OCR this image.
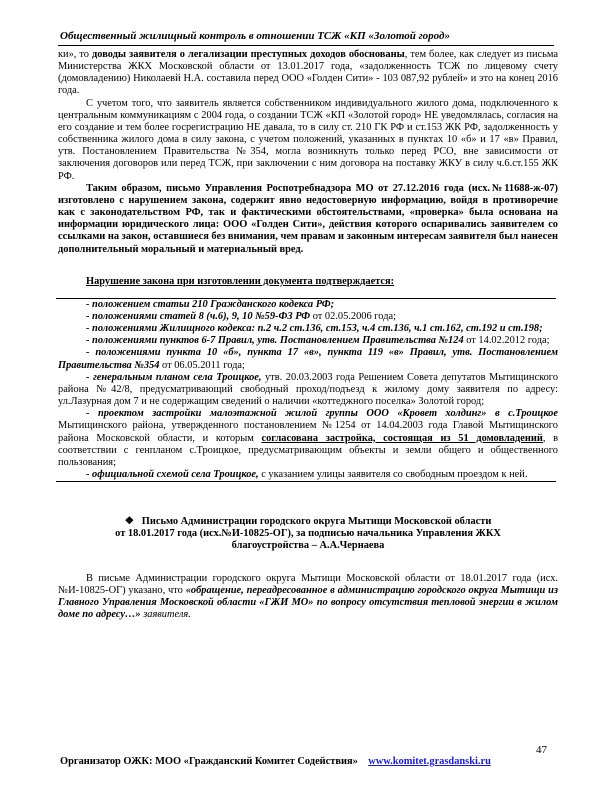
Общественный жилищный контроль в отношении ТСЖ «КП «Золотой город»

ки», то доводы заявителя о легализации преступных доходов обоснованы, тем более, как следует из письма Министерства ЖКХ Московской области от 13.01.2017 года, «задолженность ТСЖ по лицевому счету (домовладению) Николаевй Н.А. составила перед ООО «Голден Сити» - 103 087,92 рублей» и это на конец 2016 года.

С учетом того, что заявитель является собственником индивидуального жилого дома, подключенного к центральным коммуникациям с 2004 года, о создании ТСЖ «КП «Золотой город» НЕ уведомлялась, согласия на его создание и тем более госрегистрацию НЕ давала, то в силу ст. 210 ГК РФ и ст.153 ЖК РФ, задолженность у собственника жилого дома в силу закона, с учетом положений, указанных в пунктах 10 «б» и 17 «в» Правил, утв. Постановлением Правительства №354, могла возникнуть только перед РСО, вне зависимости от заключения договоров или перед ТСЖ, при заключении с ним договора на поставку ЖКУ в силу ч.6.ст.155 ЖК РФ.

Таким образом, письмо Управления Роспотребнадзора МО от 27.12.2016 года (исх.№11688-ж-07) изготовлено с нарушением закона, содержит явно недостоверную информацию, войдя в противоречие как с законодательством РФ, так и фактическими обстоятельствами, «проверка» была основана на информации юридического лица: ООО «Голден Сити», действия которого оспаривались заявителем со ссылками на закон, оставшиеся без внимания, чем правам и законным интересам заявителя был нанесен дополнительный моральный и материальный вред.

Нарушение закона при изготовлении документа подтверждается:

- положением статьи 210 Гражданского кодекса РФ;

- положениями статей 8 (ч.6), 9, 10 №59-ФЗ РФ от 02.05.2006 года;

- положениями Жилищного кодекса: п.2 ч.2 ст.136, ст.153, ч.4 ст.136, ч.1 ст.162, ст.192 и ст.198;

- положениями пунктов 6-7 Правил, утв. Постановлением Правительства №124 от 14.02.2012 года;

- положениями пункта 10 «б», пункта 17 «в», пункта 119 «в» Правил, утв. Постановлением Правительства №354 от 06.05.2011 года;

- генеральным планом села Троицкое, утв. 20.03.2003 года Решением Совета депутатов Мытищинского района №42/8, предусматривающий свободный проход/подъезд к жилому дому заявителя по адресу: ул.Лазурная дом 7 и не содержащим сведений о наличии «коттеджного поселка» Золотой город;

- проектом застройки малоэтажной жилой группы ООО «Кровет холдинг» в с.Троицкое Мытищинского района, утвержденного постановлением №1254 от 14.04.2003 года Главой Мытищинского района Московской области, и которым согласована застройка, состоящая из 51 домовладений, в соответствии с генпланом с.Троицкое, предусматривающим объекты и земли общего и общественного пользования;

- официальной схемой села Троицкое, с указанием улицы заявителя со свободным проездом к ней.

❖ Письмо Администрации городского округа Мытищи Московской области
от 18.01.2017 года (исх.№И-10825-ОГ), за подписью начальника Управления ЖКХ
благоустройства – А.А.Чернаева

В письме Администрации городского округа Мытищи Московской области от 18.01.2017 года (исх.№И-10825-ОГ) указано, что «обращение, переадресованное в администрацию городского округа Мытищи из Главного Управления Московской области «ГЖИ МО» по вопросу отсутствия тепловой энергии в жилом доме по адресу…» заявителя.

47
Организатор ОЖК: МОО «Гражданский Комитет Содействия» www.komitet.grasdanski.ru
